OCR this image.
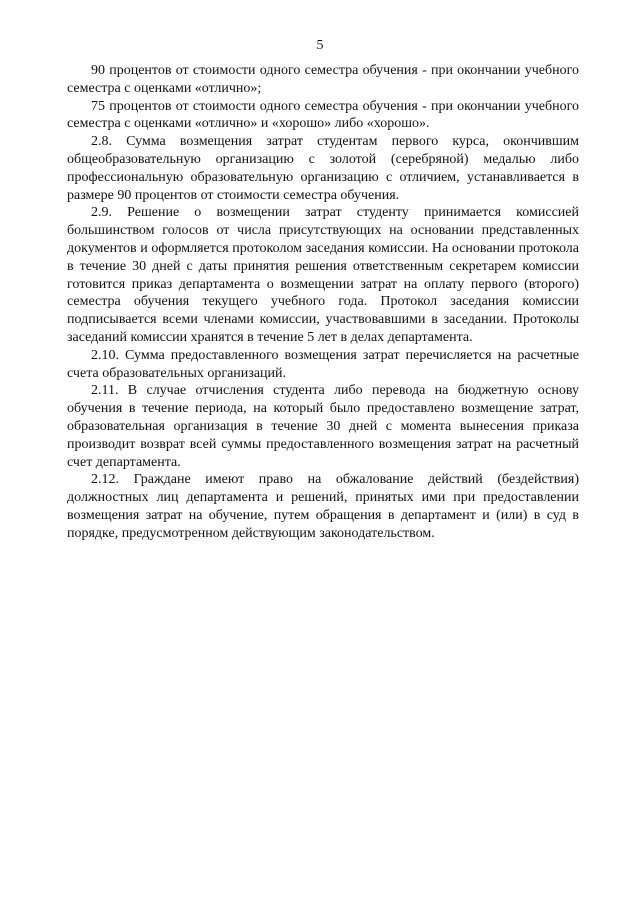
5

90 процентов от стоимости одного семестра обучения - при окончании учебного семестра с оценками «отлично»;

75 процентов от стоимости одного семестра обучения - при окончании учебного семестра с оценками «отлично» и «хорошо» либо «хорошо».

2.8. Сумма возмещения затрат студентам первого курса, окончившим общеобразовательную организацию с золотой (серебряной) медалью либо профессиональную образовательную организацию с отличием, устанавливается в размере 90 процентов от стоимости семестра обучения.

2.9. Решение о возмещении затрат студенту принимается комиссией большинством голосов от числа присутствующих на основании представленных документов и оформляется протоколом заседания комиссии. На основании протокола в течение 30 дней с даты принятия решения ответственным секретарем комиссии готовится приказ департамента о возмещении затрат на оплату первого (второго) семестра обучения текущего учебного года. Протокол заседания комиссии подписывается всеми членами комиссии, участвовавшими в заседании. Протоколы заседаний комиссии хранятся в течение 5 лет в делах департамента.

2.10. Сумма предоставленного возмещения затрат перечисляется на расчетные счета образовательных организаций.

2.11. В случае отчисления студента либо перевода на бюджетную основу обучения в течение периода, на который было предоставлено возмещение затрат, образовательная организация в течение 30 дней с момента вынесения приказа производит возврат всей суммы предоставленного возмещения затрат на расчетный счет департамента.

2.12. Граждане имеют право на обжалование действий (бездействия) должностных лиц департамента и решений, принятых ими при предоставлении возмещения затрат на обучение, путем обращения в департамент и (или) в суд в порядке, предусмотренном действующим законодательством.
